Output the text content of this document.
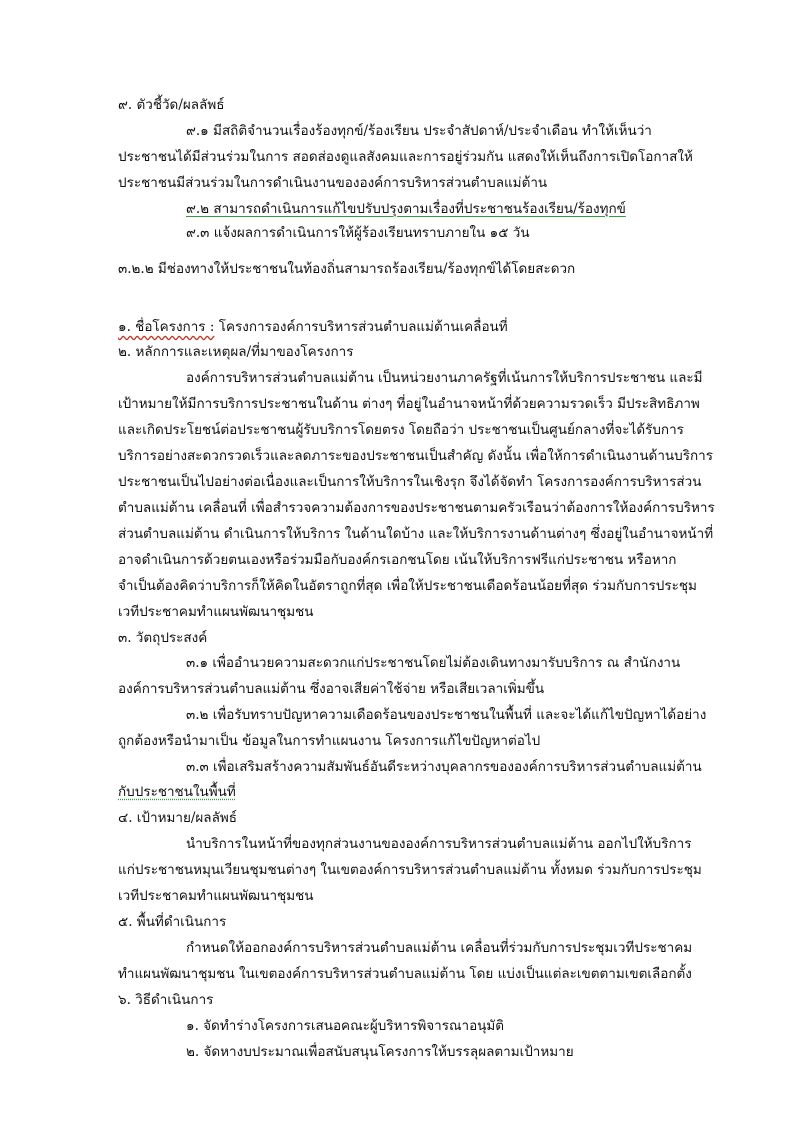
๙. ตัวชี้วัด/ผลลัพธ์
๙.๑ มีสถิติจำนวนเรื่องร้องทุกข์/ร้องเรียน ประจำสัปดาห์/ประจำเดือน ทำให้เห็นว่า
ประชาชนได้มีส่วนร่วมในการ สอดส่องดูแลสังคมและการอยู่ร่วมกัน แสดงให้เห็นถึงการเปิดโอกาสให้
ประชาชนมีส่วนร่วมในการดำเนินงานขององค์การบริหารส่วนตำบลแม่ต้าน
๙.๒ สามารถดำเนินการแก้ไขปรับปรุงตามเรื่องที่ประชาชนร้องเรียน/ร้องทุกข์
๙.๓ แจ้งผลการดำเนินการให้ผู้ร้องเรียนทราบภายใน ๑๕ วัน
๓.๒.๒ มีช่องทางให้ประชาชนในท้องถิ่นสามารถร้องเรียน/ร้องทุกข์ได้โดยสะดวก
๑. ชื่อโครงการ : โครงการองค์การบริหารส่วนตำบลแม่ต้านเคลื่อนที่
๒. หลักการและเหตุผล/ที่มาของโครงการ
องค์การบริหารส่วนตำบลแม่ต้าน เป็นหน่วยงานภาครัฐที่เน้นการให้บริการประชาชน และมี
เป้าหมายให้มีการบริการประชาชนในด้าน ต่างๆ ที่อยู่ในอำนาจหน้าที่ด้วยความรวดเร็ว มีประสิทธิภาพ
และเกิดประโยชน์ต่อประชาชนผู้รับบริการโดยตรง โดยถือว่า ประชาชนเป็นศูนย์กลางที่จะได้รับการ
บริการอย่างสะดวกรวดเร็วและลดภาระของประชาชนเป็นสำคัญ ดังนั้น เพื่อให้การดำเนินงานด้านบริการ
ประชาชนเป็นไปอย่างต่อเนื่องและเป็นการให้บริการในเชิงรุก จึงได้จัดทำ โครงการองค์การบริหารส่วน
ตำบลแม่ต้าน เคลื่อนที่ เพื่อสำรวจความต้องการของประชาชนตามครัวเรือนว่าต้องการให้องค์การบริหาร
ส่วนตำบลแม่ต้าน ดำเนินการให้บริการ ในด้านใดบ้าง และให้บริการงานด้านต่างๆ ซึ่งอยู่ในอำนาจหน้าที่
อาจดำเนินการด้วยตนเองหรือร่วมมือกับองค์กรเอกชนโดย เน้นให้บริการฟรีแก่ประชาชน หรือหาก
จำเป็นต้องคิดว่าบริการก็ให้คิดในอัตราถูกที่สุด เพื่อให้ประชาชนเดือดร้อนน้อยที่สุด ร่วมกับการประชุม
เวทีประชาคมทำแผนพัฒนาชุมชน
๓. วัตถุประสงค์
๓.๑ เพื่ออำนวยความสะดวกแก่ประชาชนโดยไม่ต้องเดินทางมารับบริการ ณ สำนักงาน
องค์การบริหารส่วนตำบลแม่ต้าน ซึ่งอาจเสียค่าใช้จ่าย หรือเสียเวลาเพิ่มขึ้น
๓.๒ เพื่อรับทราบปัญหาความเดือดร้อนของประชาชนในพื้นที่ และจะได้แก้ไขปัญหาได้อย่าง
ถูกต้องหรือนำมาเป็น ข้อมูลในการทำแผนงาน โครงการแก้ไขปัญหาต่อไป
๓.๓ เพื่อเสริมสร้างความสัมพันธ์อันดีระหว่างบุคลากรขององค์การบริหารส่วนตำบลแม่ต้าน
กับประชาชนในพื้นที่
๔. เป้าหมาย/ผลลัพธ์
นำบริการในหน้าที่ของทุกส่วนงานขององค์การบริหารส่วนตำบลแม่ต้าน ออกไปให้บริการ
แก่ประชาชนหมุนเวียนชุมชนต่างๆ ในเขตองค์การบริหารส่วนตำบลแม่ต้าน ทั้งหมด ร่วมกับการประชุม
เวทีประชาคมทำแผนพัฒนาชุมชน
๕. พื้นที่ดำเนินการ
กำหนดให้ออกองค์การบริหารส่วนตำบลแม่ต้าน เคลื่อนที่ร่วมกับการประชุมเวทีประชาคม
ทำแผนพัฒนาชุมชน ในเขตองค์การบริหารส่วนตำบลแม่ต้าน โดย แบ่งเป็นแต่ละเขตตามเขตเลือกตั้ง
๖. วิธีดำเนินการ
๑. จัดทำร่างโครงการเสนอคณะผู้บริหารพิจารณาอนุมัติ
๒. จัดหางบประมาณเพื่อสนับสนุนโครงการให้บรรลุผลตามเป้าหมาย
